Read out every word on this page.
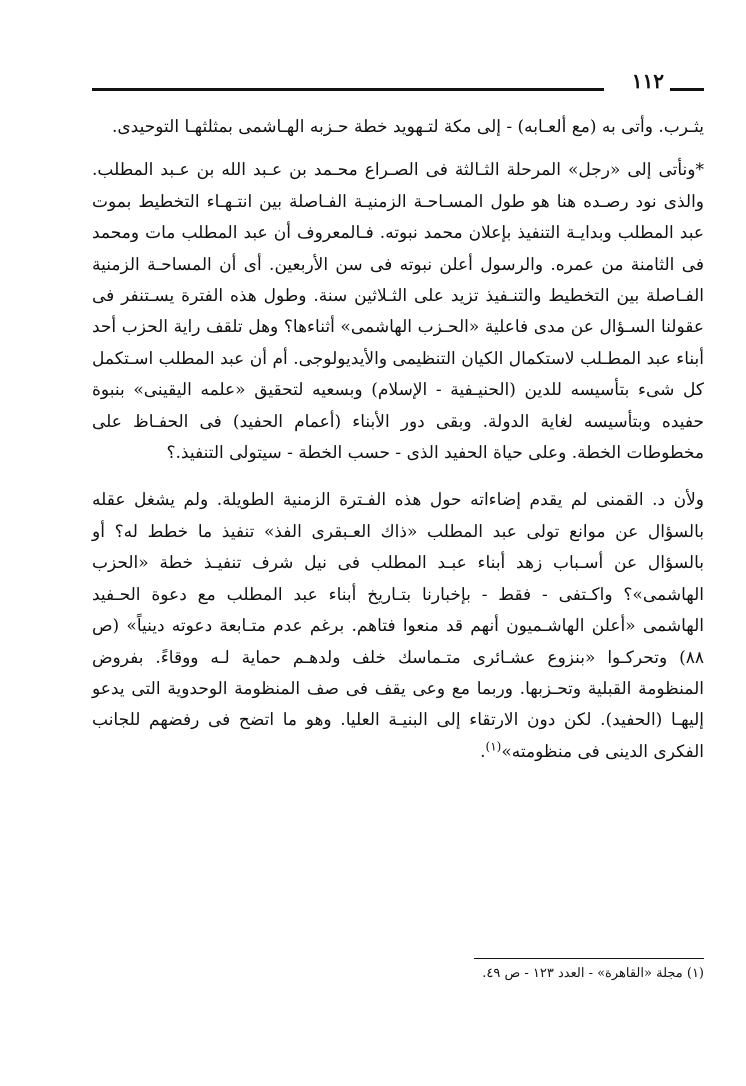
١١٢

يثـرب. وأتى به (مع ألعـابه) - إلى مكة لتـهويد خطة حـزبه الهـاشمى بمثلثهـا التوحيدى.

*ونأتى إلى «رجل» المرحلة الثـالثة فى الصـراع محـمد بن عـبد الله بن عـبد المطلب. والذى نود رصـده هنا هو طول المسـاحـة الزمنيـة الفـاصلة بين انتـهـاء التخطيط بموت عبد المطلب وبدايـة التنفيذ بإعلان محمد نبوته. فـالمعروف أن عبد المطلب مات ومحمد فى الثامنة من عمره. والرسول أعلن نبوته فى سن الأربعين. أى أن المساحـة الزمنية الفـاصلة بين التخطيط والتنـفيذ تزيد على الثـلاثين سنة. وطول هذه الفترة يسـتنفر فى عقولنا السـؤال عن مدى فاعلية «الحـزب الهاشمى» أثناءها؟ وهل تلقف راية الحزب أحد أبناء عبد المطـلب لاستكمال الكيان التنظيمى والأيديولوجى. أم أن عبد المطلب اسـتكمل كل شىء بتأسيسه للدين (الحنيـفية - الإسلام) وبسعيه لتحقيق «علمه اليقينى» بنبوة حفيده وبتأسيسه لغاية الدولة. وبقى دور الأبناء (أعمام الحفيد) فى الحفـاظ على مخطوطات الخطة. وعلى حياة الحفيد الذى - حسب الخطة - سيتولى التنفيذ.؟

ولأن د. القمنى لم يقدم إضاءاته حول هذه الفـترة الزمنية الطويلة. ولم يشغل عقله بالسؤال عن موانع تولى عبد المطلب «ذاك العـبقرى الفذ» تنفيذ ما خطط له؟ أو بالسؤال عن أسـباب زهد أبناء عبـد المطلب فى نيل شرف تنفيـذ خطة «الحزب الهاشمى»؟ واكـتفى - فقط - بإخبارنا بتـاريخ أبناء عبد المطلب مع دعوة الحـفيد الهاشمى «أعلن الهاشـميون أنهم قد منعوا فتاهم. برغم عدم متـابعة دعوته دينياً» (ص ٨٨) وتحركـوا «بنزوع عشـائرى متـماسك خلف ولدهـم حماية لـه ووقاءً. بفروض المنظومة القبلية وتحـزبها. وربما مع وعى يقف فى صف المنظومة الوحدوية التى يدعو إليهـا (الحفيد). لكن دون الارتقاء إلى البنيـة العليا. وهو ما اتضح فى رفضهم للجانب الفكرى الدينى فى منظومته»$^{(١)}$.

(١) مجلة «القاهرة» - العدد ١٢٣ - ص ٤٩.
